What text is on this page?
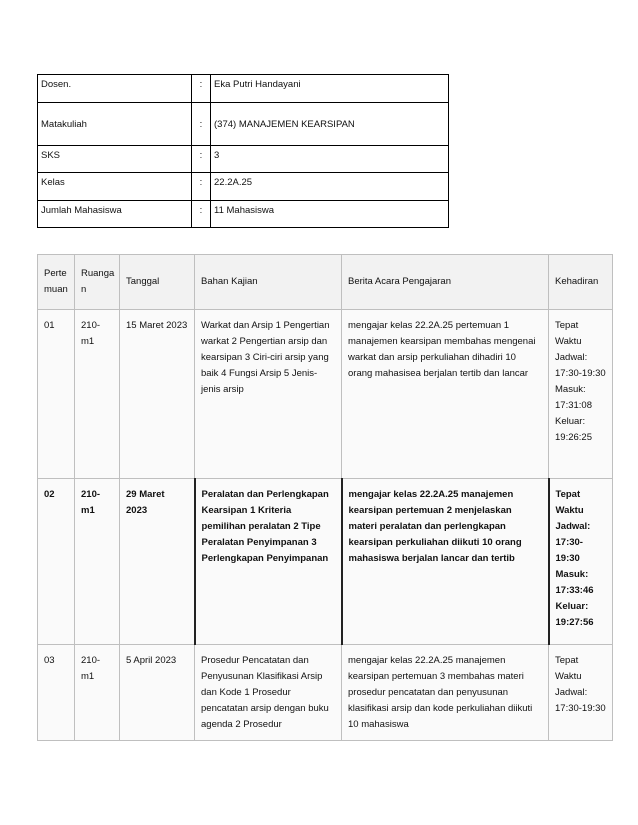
Dosen.	:	Eka Putri Handayani
Matakuliah	:	(374) MANAJEMEN KEARSIPAN
SKS	:	3
Kelas	:	22.2A.25
Jumlah Mahasiswa	:	11 Mahasiswa
Perte muan	Ruanga n	Tanggal	Bahan Kajian	Berita Acara Pengajaran	Kehadiran
01	210-m1	15 Maret 2023	Warkat dan Arsip 1 Pengertian warkat 2 Pengertian arsip dan kearsipan 3 Ciri-ciri arsip yang baik 4 Fungsi Arsip 5 Jenis-jenis arsip	mengajar kelas 22.2A.25 pertemuan 1 manajemen kearsipan membahas mengenai warkat dan arsip perkuliahan dihadiri 10 orang mahasisea berjalan tertib dan lancar	Tepat Waktu Jadwal: 17:30-19:30 Masuk: 17:31:08 Keluar: 19:26:25
02	210-m1	29 Maret 2023	Peralatan dan Perlengkapan Kearsipan 1 Kriteria pemilihan peralatan 2 Tipe Peralatan Penyimpanan 3 Perlengkapan Penyimpanan	mengajar kelas 22.2A.25 manajemen kearsipan pertemuan 2 menjelaskan materi peralatan dan perlengkapan kearsipan perkuliahan diikuti 10 orang mahasiswa berjalan lancar dan tertib	Tepat Waktu Jadwal: 17:30-19:30 Masuk: 17:33:46 Keluar: 19:27:56
03	210-m1	5 April 2023	Prosedur Pencatatan dan Penyusunan Klasifikasi Arsip dan Kode 1 Prosedur pencatatan arsip dengan buku agenda 2 Prosedur	mengajar kelas 22.2A.25 manajemen kearsipan pertemuan 3 membahas materi prosedur pencatatan dan penyusunan klasifikasi arsip dan kode perkuliahan diikuti 10 mahasiswa	Tepat Waktu Jadwal: 17:30-19:30
